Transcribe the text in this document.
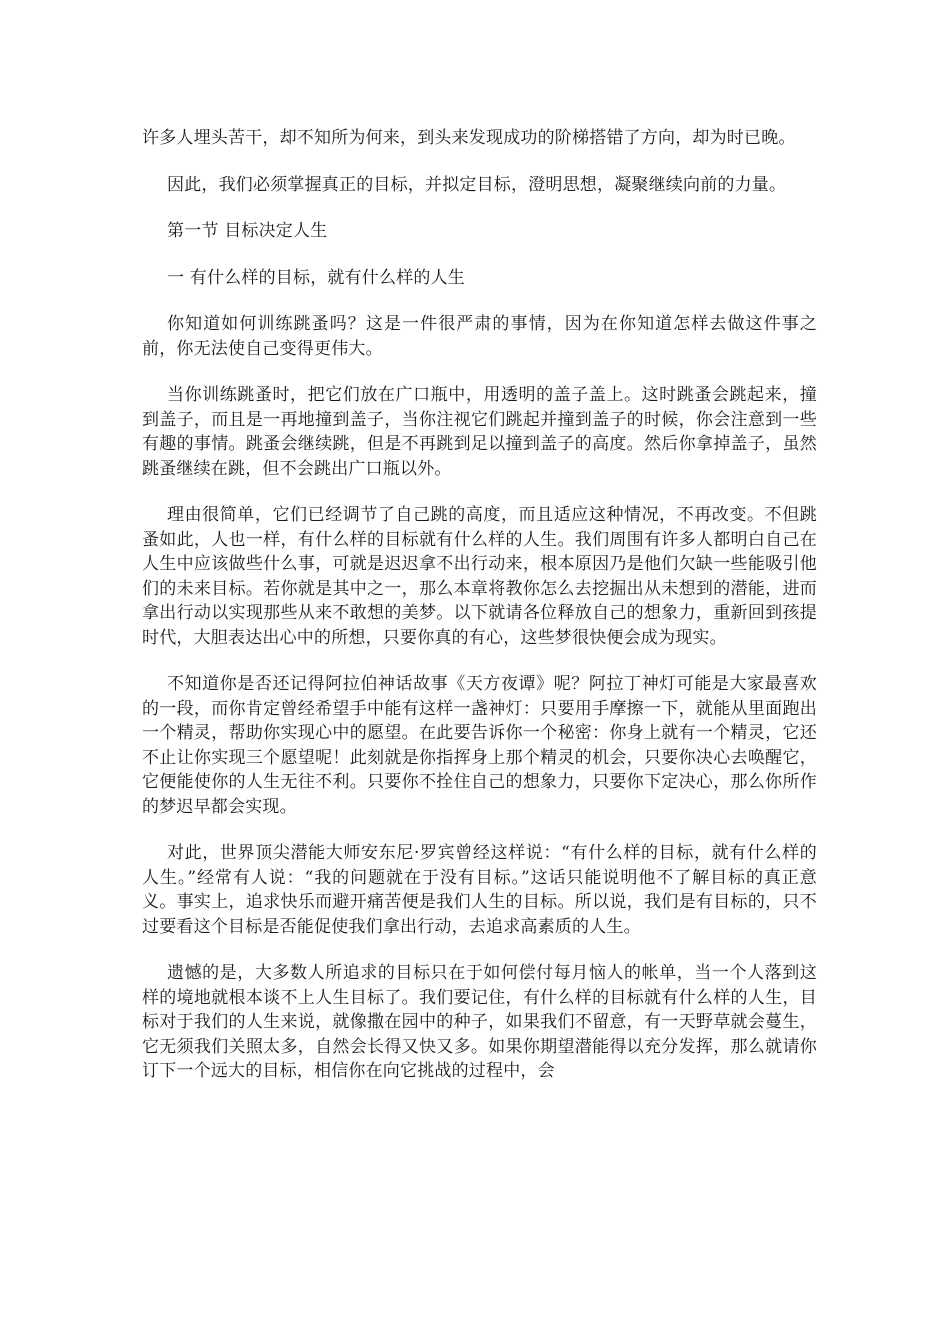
许多人埋头苦干，却不知所为何来，到头来发现成功的阶梯搭错了方向，却为时已晚。

因此，我们必须掌握真正的目标，并拟定目标，澄明思想，凝聚继续向前的力量。

第一节 目标决定人生

一 有什么样的目标，就有什么样的人生

你知道如何训练跳蚤吗？这是一件很严肃的事情，因为在你知道怎样去做这件事之前，你无法使自己变得更伟大。

当你训练跳蚤时，把它们放在广口瓶中，用透明的盖子盖上。这时跳蚤会跳起来，撞到盖子，而且是一再地撞到盖子，当你注视它们跳起并撞到盖子的时候，你会注意到一些有趣的事情。跳蚤会继续跳，但是不再跳到足以撞到盖子的高度。然后你拿掉盖子，虽然跳蚤继续在跳，但不会跳出广口瓶以外。

理由很简单，它们已经调节了自己跳的高度，而且适应这种情况，不再改变。不但跳蚤如此，人也一样，有什么样的目标就有什么样的人生。我们周围有许多人都明白自己在人生中应该做些什么事，可就是迟迟拿不出行动来，根本原因乃是他们欠缺一些能吸引他们的未来目标。若你就是其中之一，那么本章将教你怎么去挖掘出从未想到的潜能，进而拿出行动以实现那些从来不敢想的美梦。以下就请各位释放自己的想象力，重新回到孩提时代，大胆表达出心中的所想，只要你真的有心，这些梦很快便会成为现实。

不知道你是否还记得阿拉伯神话故事《天方夜谭》呢？阿拉丁神灯可能是大家最喜欢的一段，而你肯定曾经希望手中能有这样一盏神灯：只要用手摩擦一下，就能从里面跑出一个精灵，帮助你实现心中的愿望。在此要告诉你一个秘密：你身上就有一个精灵，它还不止让你实现三个愿望呢！此刻就是你指挥身上那个精灵的机会，只要你决心去唤醒它，它便能使你的人生无往不利。只要你不拴住自己的想象力，只要你下定决心，那么你所作的梦迟早都会实现。

对此，世界顶尖潜能大师安东尼·罗宾曾经这样说：“有什么样的目标，就有什么样的人生。”经常有人说：“我的问题就在于没有目标。”这话只能说明他不了解目标的真正意义。事实上，追求快乐而避开痛苦便是我们人生的目标。所以说，我们是有目标的，只不过要看这个目标是否能促使我们拿出行动，去追求高素质的人生。

遗憾的是，大多数人所追求的目标只在于如何偿付每月恼人的帐单，当一个人落到这样的境地就根本谈不上人生目标了。我们要记住，有什么样的目标就有什么样的人生，目标对于我们的人生来说，就像撒在园中的种子，如果我们不留意，有一天野草就会蔓生，它无须我们关照太多，自然会长得又快又多。如果你期望潜能得以充分发挥，那么就请你订下一个远大的目标，相信你在向它挑战的过程中，会
